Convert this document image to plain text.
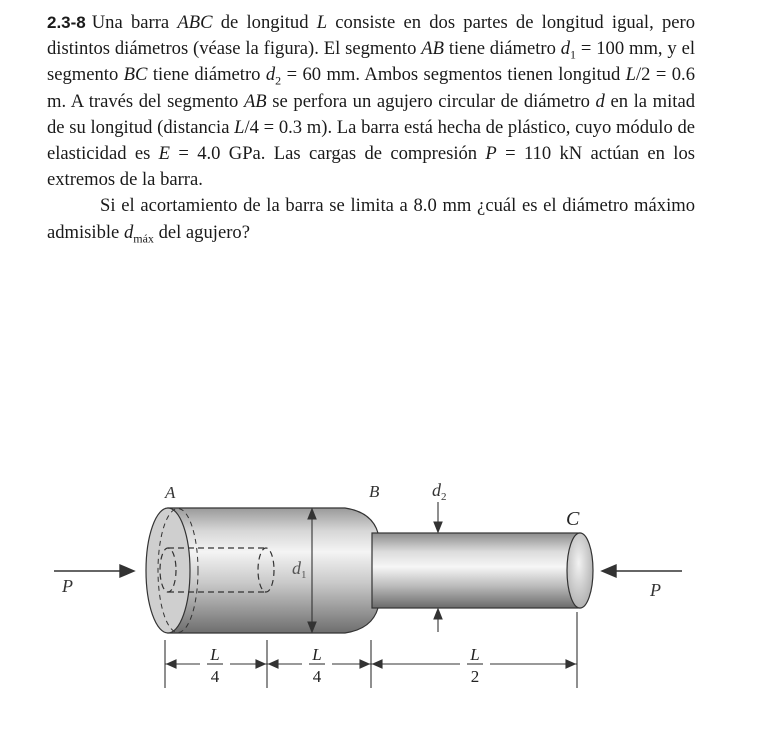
2.3-8 Una barra ABC de longitud L consiste en dos partes de longitud igual, pero distintos diámetros (véase la figura). El segmento AB tiene diámetro $d_1 = 100$ mm, y el segmento BC tiene diámetro $d_2 = 60$ mm. Ambos segmentos tienen longitud L/2 = 0.6 m. A través del segmento AB se perfora un agujero circular de diámetro d en la mitad de su longitud (distancia L/4 = 0.3 m). La barra está hecha de plástico, cuyo módulo de elasticidad es E = 4.0 GPa. Las cargas de compresión P = 110 kN actúan en los extremos de la barra.

Si el acortamiento de la barra se limita a 8.0 mm ¿cuál es el diámetro máximo admisible $d_{máx}$ del agujero?

$d_1$
$d_2$
A	B
C
P	P
L
4
L
4
L
2
